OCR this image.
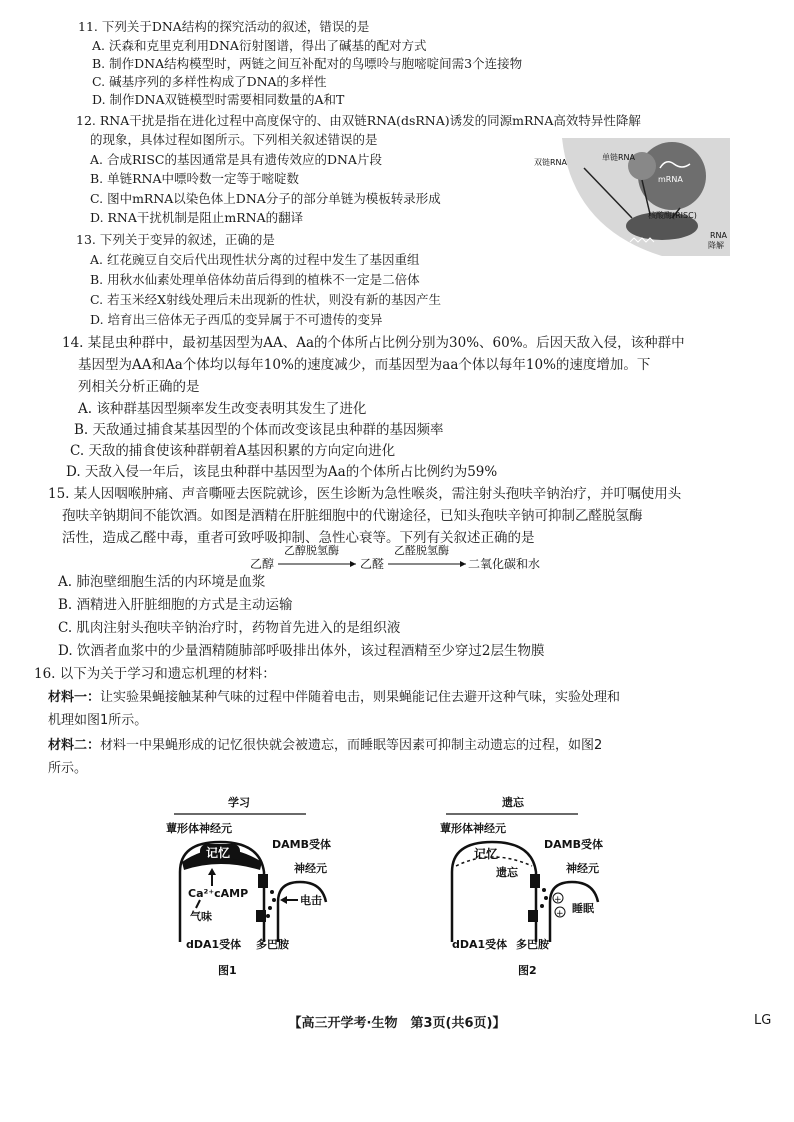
11. 下列关于DNA结构的探究活动的叙述，错误的是
A. 沃森和克里克利用DNA衍射图谱，得出了碱基的配对方式
B. 制作DNA结构模型时，两链之间互补配对的鸟嘌呤与胞嘧啶间需3个连接物
C. 碱基序列的多样性构成了DNA的多样性
D. 制作DNA双链模型时需要相同数量的A和T
12. RNA干扰是指在进化过程中高度保守的、由双链RNA(dsRNA)诱发的同源mRNA高效特异性降解
的现象，具体过程如图所示。下列相关叙述错误的是
A. 合成RISC的基因通常是具有遗传效应的DNA片段
B. 单链RNA中嘌呤数一定等于嘧啶数
C. 图中mRNA以染色体上DNA分子的部分单链为模板转录形成
D. RNA干扰机制是阻止mRNA的翻译
双链RNA
单链RNA
mRNA
核酸酶(RISC)
RNA
降解
13. 下列关于变异的叙述，正确的是
A. 红花豌豆自交后代出现性状分离的过程中发生了基因重组
B. 用秋水仙素处理单倍体幼苗后得到的植株不一定是二倍体
C. 若玉米经X射线处理后未出现新的性状，则没有新的基因产生
D. 培育出三倍体无子西瓜的变异属于不可遗传的变异
14. 某昆虫种群中，最初基因型为AA、Aa的个体所占比例分别为30%、60%。后因天敌入侵，该种群中
基因型为AA和Aa个体均以每年10%的速度减少，而基因型为aa个体以每年10%的速度增加。下
列相关分析正确的是
A. 该种群基因型频率发生改变表明其发生了进化
B. 天敌通过捕食某基因型的个体而改变该昆虫种群的基因频率
C. 天敌的捕食使该种群朝着A基因积累的方向定向进化
D. 天敌入侵一年后，该昆虫种群中基因型为Aa的个体所占比例约为59%
15. 某人因咽喉肿痛、声音嘶哑去医院就诊，医生诊断为急性喉炎，需注射头孢呋辛钠治疗，并叮嘱使用头
孢呋辛钠期间不能饮酒。如图是酒精在肝脏细胞中的代谢途径，已知头孢呋辛钠可抑制乙醛脱氢酶
活性，造成乙醛中毒，重者可致呼吸抑制、急性心衰等。下列有关叙述正确的是
乙醇
乙醇脱氢酶
乙醛
乙醛脱氢酶
二氧化碳和水
A. 肺泡壁细胞生活的内环境是血浆
B. 酒精进入肝脏细胞的方式是主动运输
C. 肌肉注射头孢呋辛钠治疗时，药物首先进入的是组织液
D. 饮酒者血浆中的少量酒精随肺部呼吸排出体外，该过程酒精至少穿过2层生物膜
16. 以下为关于学习和遗忘机理的材料：
材料一：让实验果蝇接触某种气味的过程中伴随着电击，则果蝇能记住去避开这种气味，实验处理和
机理如图1所示。
材料二：材料一中果蝇形成的记忆很快就会被遗忘，而睡眠等因素可抑制主动遗忘的过程，如图2
所示。
学习
蕈形体神经元
DAMB受体
记忆
神经元
Ca²⁺cAMP
气味
电击
dDA1受体 多巴胺
图1
遗忘
蕈形体神经元
DAMB受体
记忆
遗忘	神经元
+
+ 睡眠
dDA1受体 多巴胺
图2
【高三开学考·生物　第3页(共6页)】	LG
